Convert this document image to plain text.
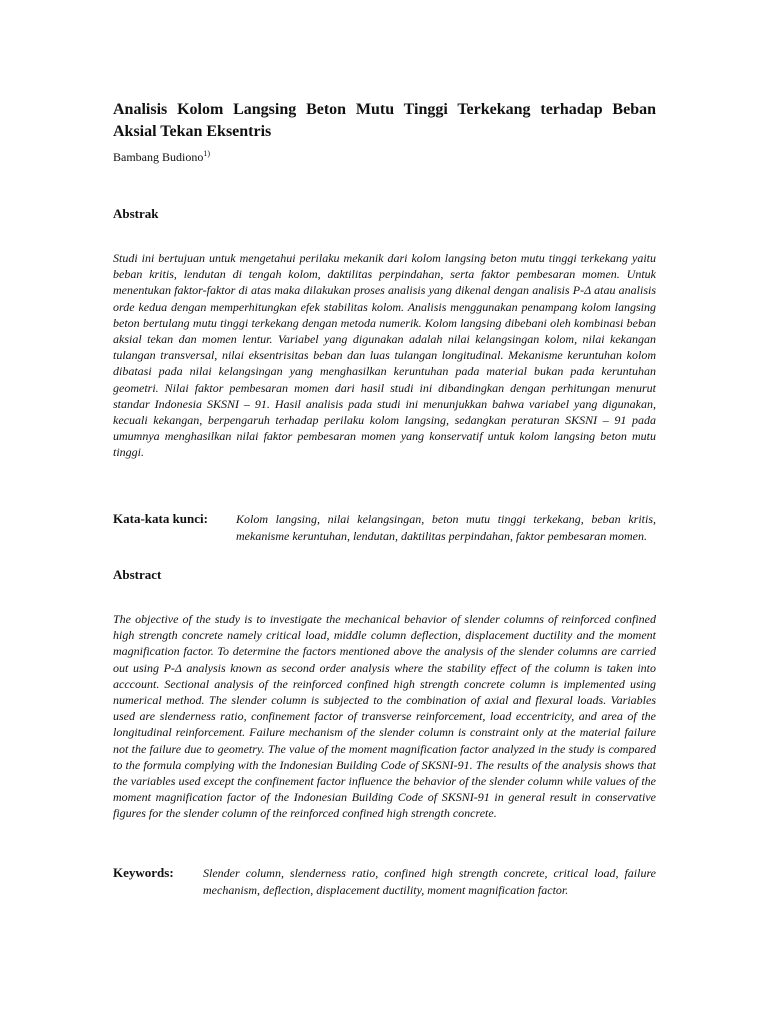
Analisis Kolom Langsing Beton Mutu Tinggi Terkekang terhadap Beban Aksial Tekan Eksentris

Bambang Budiono$^{1)}$

Abstrak

Studi ini bertujuan untuk mengetahui perilaku mekanik dari kolom langsing beton mutu tinggi terkekang yaitu beban kritis, lendutan di tengah kolom, daktilitas perpindahan, serta faktor pembesaran momen. Untuk menentukan faktor-faktor di atas maka dilakukan proses analisis yang dikenal dengan analisis P-Δ atau analisis orde kedua dengan memperhitungkan efek stabilitas kolom. Analisis menggunakan penampang kolom langsing beton bertulang mutu tinggi terkekang dengan metoda numerik. Kolom langsing dibebani oleh kombinasi beban aksial tekan dan momen lentur. Variabel yang digunakan adalah nilai kelangsingan kolom, nilai kekangan tulangan transversal, nilai eksentrisitas beban dan luas tulangan longitudinal. Mekanisme keruntuhan kolom dibatasi pada nilai kelangsingan yang menghasilkan keruntuhan pada material bukan pada keruntuhan geometri. Nilai faktor pembesaran momen dari hasil studi ini dibandingkan dengan perhitungan menurut standar Indonesia SKSNI – 91. Hasil analisis pada studi ini menunjukkan bahwa variabel yang digunakan, kecuali kekangan, berpengaruh terhadap perilaku kolom langsing, sedangkan peraturan SKSNI – 91 pada umumnya menghasilkan nilai faktor pembesaran momen yang konservatif untuk kolom langsing beton mutu tinggi.

Kata-kata kunci: Kolom langsing, nilai kelangsingan, beton mutu tinggi terkekang, beban kritis, mekanisme keruntuhan, lendutan, daktilitas perpindahan, faktor pembesaran momen.
Abstract

The objective of the study is to investigate the mechanical behavior of slender columns of reinforced confined high strength concrete namely critical load, middle column deflection, displacement ductility and the moment magnification factor. To determine the factors mentioned above the analysis of the slender columns are carried out using P-Δ analysis known as second order analysis where the stability effect of the column is taken into acccount. Sectional analysis of the reinforced confined high strength concrete column is implemented using numerical method. The slender column is subjected to the combination of axial and flexural loads. Variables used are slenderness ratio, confinement factor of transverse reinforcement, load eccentricity, and area of the longitudinal reinforcement. Failure mechanism of the slender column is constraint only at the material failure not the failure due to geometry. The value of the moment magnification factor analyzed in the study is compared to the formula complying with the Indonesian Building Code of SKSNI-91. The results of the analysis shows that the variables used except the confinement factor influence the behavior of the slender column while values of the moment magnification factor of the Indonesian Building Code of SKSNI-91 in general result in conservative figures for the slender column of the reinforced confined high strength concrete.

Keywords: Slender column, slenderness ratio, confined high strength concrete, critical load, failure mechanism, deflection, displacement ductility, moment magnification factor.
